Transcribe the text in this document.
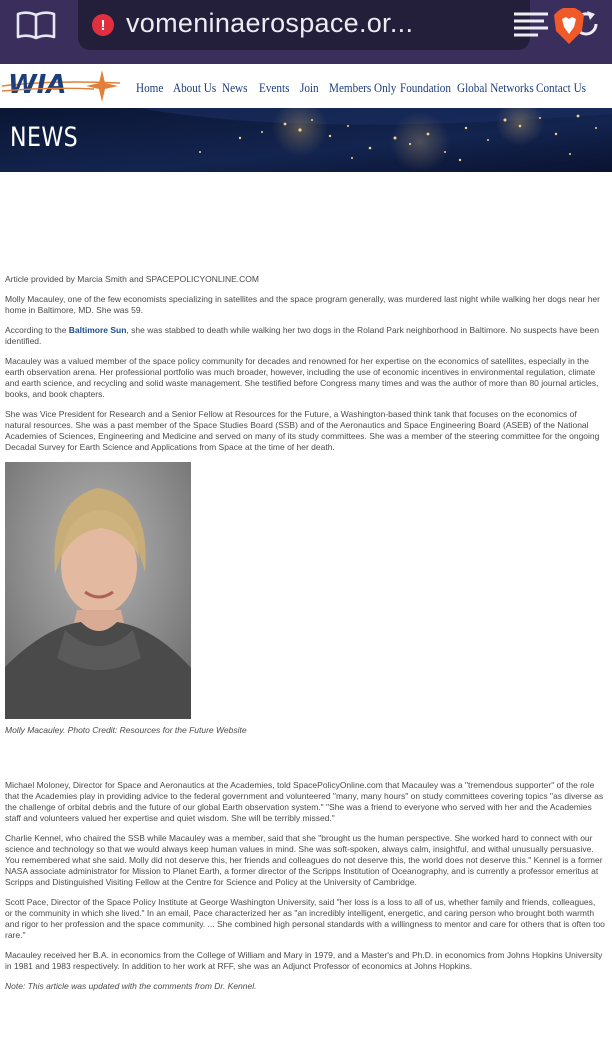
! vomeninaerospace.or...
WIA	Home About Us News Events Join Members Only Foundation Global Networks Contact Us
NEWS

Article provided by Marcia Smith and SPACEPOLICYONLINE.COM

Molly Macauley, one of the few economists specializing in satellites and the space program generally, was murdered last night while walking her dogs near her home in Baltimore, MD. She was 59.

According to the Baltimore Sun, she was stabbed to death while walking her two dogs in the Roland Park neighborhood in Baltimore. No suspects have been identified.

Macauley was a valued member of the space policy community for decades and renowned for her expertise on the economics of satellites, especially in the earth observation arena. Her professional portfolio was much broader, however, including the use of economic incentives in environmental regulation, climate and earth science, and recycling and solid waste management. She testified before Congress many times and was the author of more than 80 journal articles, books, and book chapters.

She was Vice President for Research and a Senior Fellow at Resources for the Future, a Washington-based think tank that focuses on the economics of natural resources. She was a past member of the Space Studies Board (SSB) and of the Aeronautics and Space Engineering Board (ASEB) of the National Academies of Sciences, Engineering and Medicine and served on many of its study committees. She was a member of the steering committee for the ongoing Decadal Survey for Earth Science and Applications from Space at the time of her death.

Molly Macauley. Photo Credit: Resources for the Future Website

Michael Moloney, Director for Space and Aeronautics at the Academies, told SpacePolicyOnline.com that Macauley was a "tremendous supporter" of the role that the Academies play in providing advice to the federal government and volunteered "many, many hours" on study committees covering topics "as diverse as the challenge of orbital debris and the future of our global Earth observation system." "She was a friend to everyone who served with her and the Academies staff and volunteers valued her expertise and quiet wisdom. She will be terribly missed."

Charlie Kennel, who chaired the SSB while Macauley was a member, said that she "brought us the human perspective. She worked hard to connect with our science and technology so that we would always keep human values in mind. She was soft-spoken, always calm, insightful, and withal unusually persuasive. You remembered what she said. Molly did not deserve this, her friends and colleagues do not deserve this, the world does not deserve this." Kennel is a former NASA associate administrator for Mission to Planet Earth, a former director of the Scripps Institution of Oceanography, and is currently a professor emeritus at Scripps and Distinguished Visiting Fellow at the Centre for Science and Policy at the University of Cambridge.

Scott Pace, Director of the Space Policy Institute at George Washington University, said "her loss is a loss to all of us, whether family and friends, colleagues, or the community in which she lived." In an email, Pace characterized her as "an incredibly intelligent, energetic, and caring person who brought both warmth and rigor to her profession and the space community. ... She combined high personal standards with a willingness to mentor and care for others that is often too rare."

Macauley received her B.A. in economics from the College of William and Mary in 1979, and a Master's and Ph.D. in economics from Johns Hopkins University in 1981 and 1983 respectively. In addition to her work at RFF, she was an Adjunct Professor of economics at Johns Hopkins.

Note: This article was updated with the comments from Dr. Kennel.
